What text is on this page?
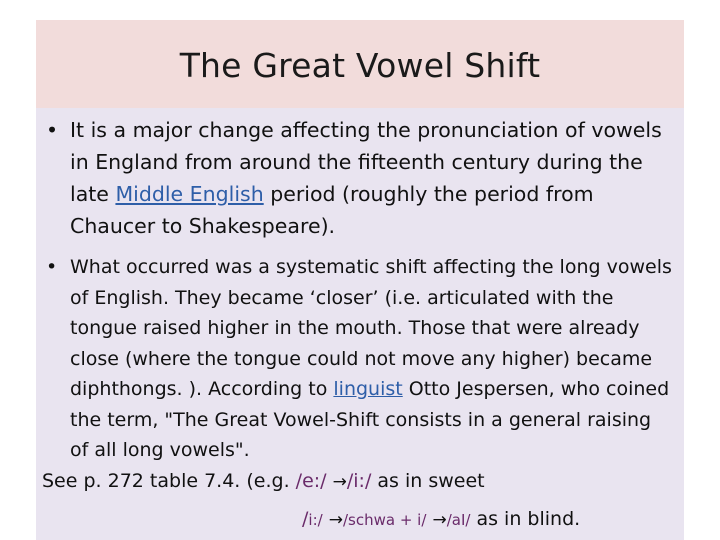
The Great Vowel Shift
• It is a major change affecting the pronunciation of vowels in England from around the fifteenth century during the late Middle English period (roughly the period from Chaucer to Shakespeare).
• What occurred was a systematic shift affecting the long vowels of English. They became ‘closer’ (i.e. articulated with the tongue raised higher in the mouth. Those that were already close (where the tongue could not move any higher) became diphthongs. ). According to linguist Otto Jespersen, who coined the term, "The Great Vowel-Shift consists in a general raising of all long vowels".
See p. 272 table 7.4. (e.g. /e:/ →/i:/ as in sweet
/i:/ →/schwa + i/ →/aI/ as in blind.
